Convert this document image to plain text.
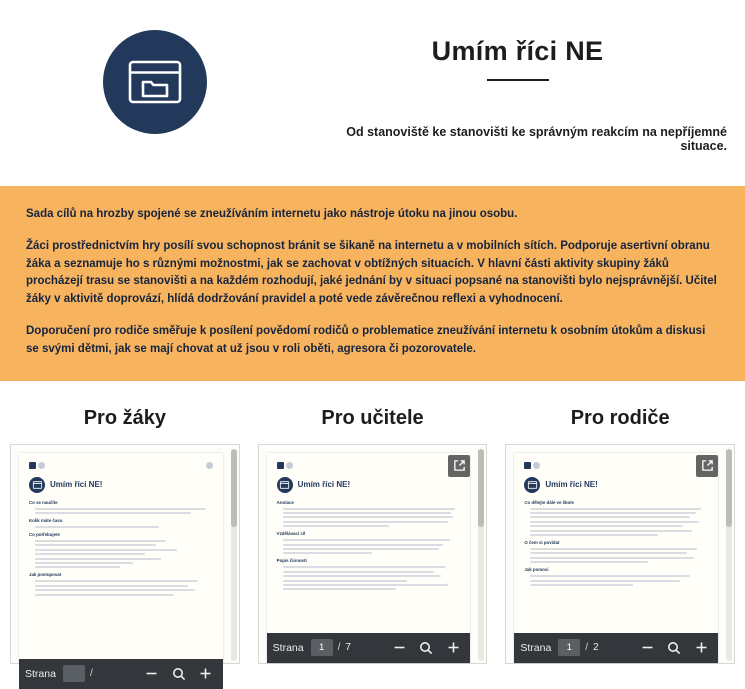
Umím říci NE
Od stanoviště ke stanovišti ke správným reakcím na nepříjemné situace.

Sada cílů na hrozby spojené se zneužíváním internetu jako nástroje útoku na jinou osobu.

Žáci prostřednictvím hry posílí svou schopnost bránit se šikaně na internetu a v mobilních sítích. Podporuje asertivní obranu žáka a seznamuje ho s různými možnostmi, jak se zachovat v obtížných situacích. V hlavní části aktivity skupiny žáků procházejí trasu se stanovišti a na každém rozhodují, jaké jednání by v situaci popsané na stanovišti bylo nejsprávnější. Učitel žáky v aktivitě doprovází, hlídá dodržování pravidel a poté vede závěrečnou reflexi a vyhodnocení.

Doporučení pro rodiče směřuje k posílení povědomí rodičů o problematice zneužívání internetu k osobním útokům a diskusi se svými dětmi, jak se mají chovat at už jsou v roli oběti, agresora či pozorovatele.

Pro žáky
Umím říci NE!
Co se naučíte
Kolik máte času
Co potřebujete
Jak postupovat
Strana	/
Pro učitele
Umím říci NE!
Anotace
Vzdělávací cíl
Popis činností
Strana	1	/ 7
Pro rodiče
Umím říci NE!
Co dělejte dále ve škole
O čem si povídat
Jak pomoci
Strana	1	/ 2
